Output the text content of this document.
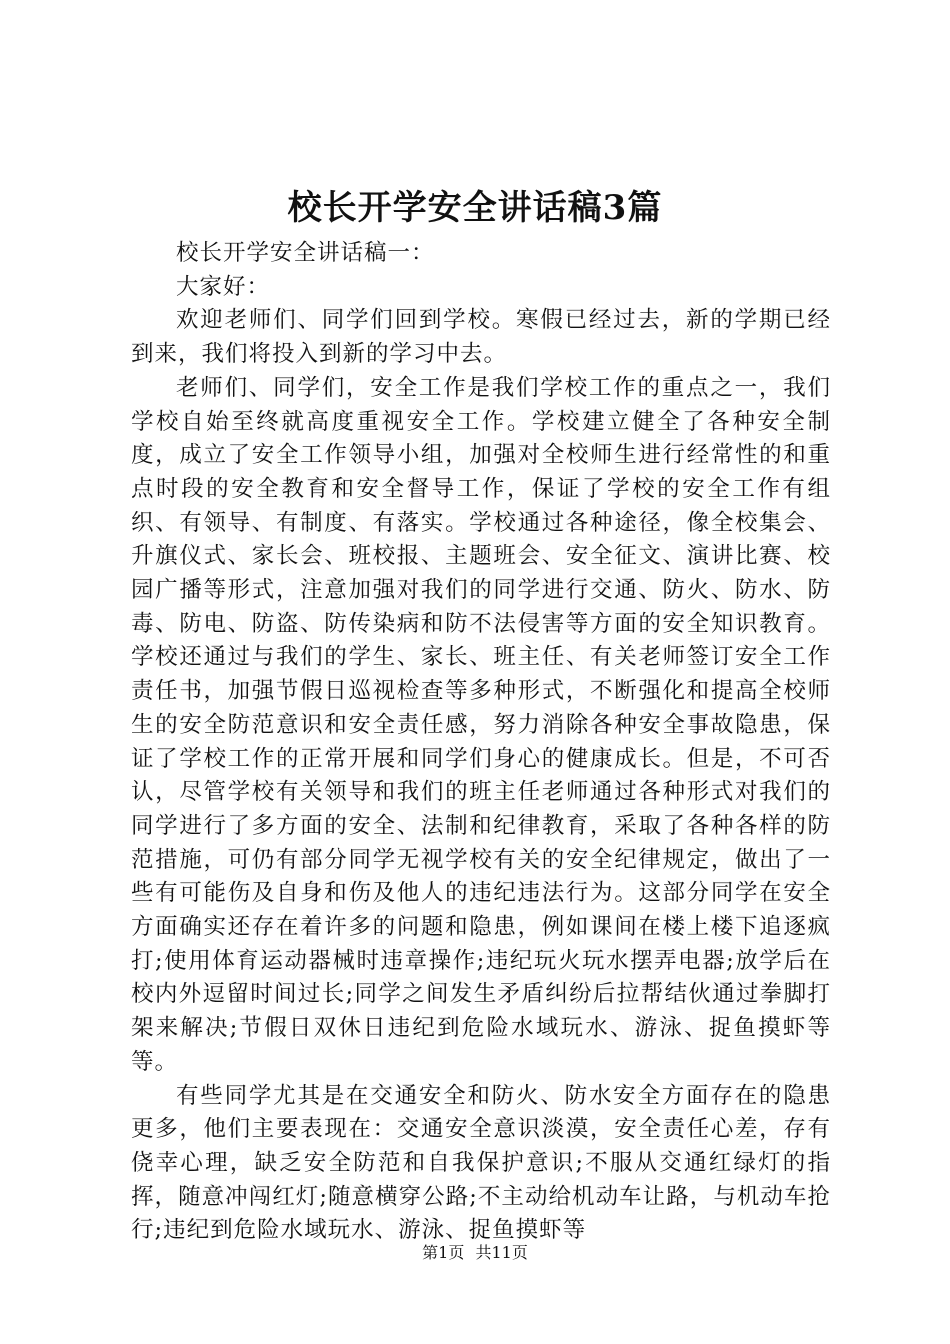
校长开学安全讲话稿3篇

校长开学安全讲话稿一：

大家好：

欢迎老师们、同学们回到学校。寒假已经过去，新的学期已经到来，我们将投入到新的学习中去。

老师们、同学们，安全工作是我们学校工作的重点之一，我们学校自始至终就高度重视安全工作。学校建立健全了各种安全制度，成立了安全工作领导小组，加强对全校师生进行经常性的和重点时段的安全教育和安全督导工作，保证了学校的安全工作有组织、有领导、有制度、有落实。学校通过各种途径，像全校集会、升旗仪式、家长会、班校报、主题班会、安全征文、演讲比赛、校园广播等形式，注意加强对我们的同学进行交通、防火、防水、防毒、防电、防盗、防传染病和防不法侵害等方面的安全知识教育。学校还通过与我们的学生、家长、班主任、有关老师签订安全工作责任书，加强节假日巡视检查等多种形式，不断强化和提高全校师生的安全防范意识和安全责任感，努力消除各种安全事故隐患，保证了学校工作的正常开展和同学们身心的健康成长。但是，不可否认，尽管学校有关领导和我们的班主任老师通过各种形式对我们的同学进行了多方面的安全、法制和纪律教育，采取了各种各样的防范措施，可仍有部分同学无视学校有关的安全纪律规定，做出了一些有可能伤及自身和伤及他人的违纪违法行为。这部分同学在安全方面确实还存在着许多的问题和隐患，例如课间在楼上楼下追逐疯打;使用体育运动器械时违章操作;违纪玩火玩水摆弄电器;放学后在校内外逗留时间过长;同学之间发生矛盾纠纷后拉帮结伙通过拳脚打架来解决;节假日双休日违纪到危险水域玩水、游泳、捉鱼摸虾等等。

有些同学尤其是在交通安全和防火、防水安全方面存在的隐患更多，他们主要表现在：交通安全意识淡漠，安全责任心差，存有侥幸心理，缺乏安全防范和自我保护意识;不服从交通红绿灯的指挥，随意冲闯红灯;随意横穿公路;不主动给机动车让路，与机动车抢行;违纪到危险水域玩水、游泳、捉鱼摸虾等

第1页 共11页
